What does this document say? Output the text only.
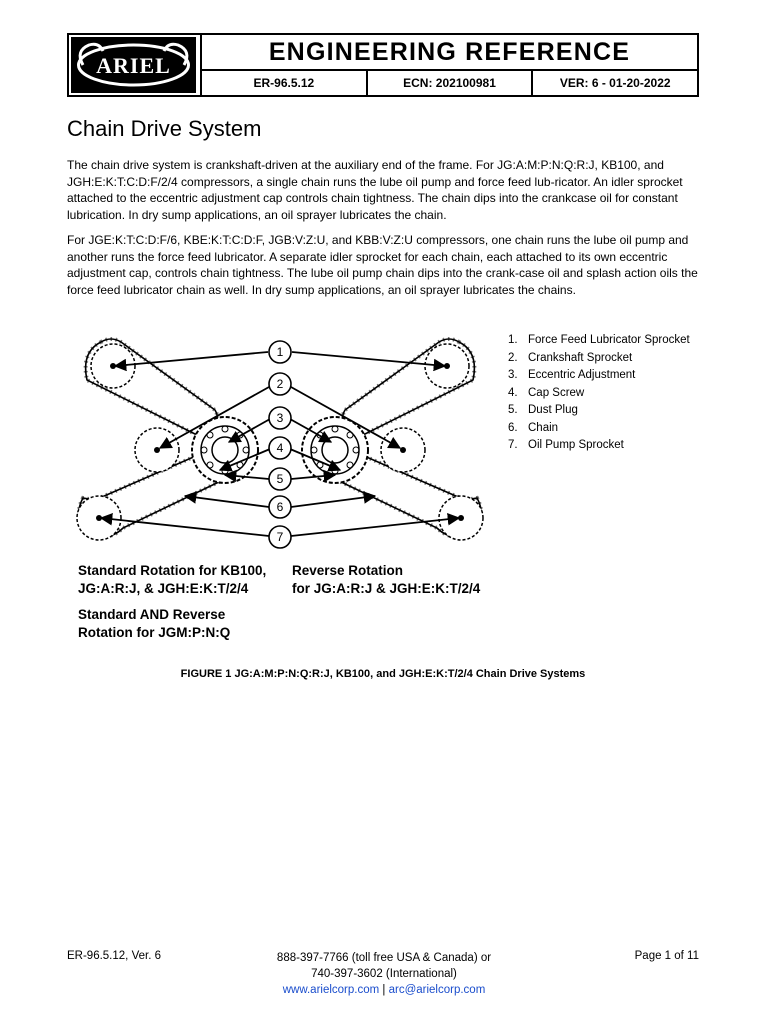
ARIEL	ENGINEERING REFERENCE
ER-96.5.12	ECN: 202100981	VER: 6 - 01-20-2022
Chain Drive System
The chain drive system is crankshaft-driven at the auxiliary end of the frame. For JG:A:M:P:N:Q:R:J, KB100, and JGH:E:K:T:C:D:F/2/4 compressors, a single chain runs the lube oil pump and force feed lub-ricator. An idler sprocket attached to the eccentric adjustment cap controls chain tightness. The chain dips into the crankcase oil for constant lubrication. In dry sump applications, an oil sprayer lubricates the chain.
For JGE:K:T:C:D:F/6, KBE:K:T:C:D:F, JGB:V:Z:U, and KBB:V:Z:U compressors, one chain runs the lube oil pump and another runs the force feed lubricator. A separate idler sprocket for each chain, each attached to its own eccentric adjustment cap, controls chain tightness. The lube oil pump chain dips into the crank-case oil and splash action oils the force feed lubricator chain as well. In dry sump applications, an oil sprayer lubricates the chains.
1
2
3
4
5
6
7
1. Force Feed Lubricator Sprocket
2. Crankshaft Sprocket
3. Eccentric Adjustment
4. Cap Screw
5. Dust Plug
6. Chain
7. Oil Pump Sprocket
Standard Rotation for KB100,
JG:A:R:J, & JGH:E:K:T/2/4
Reverse Rotation
for JG:A:R:J & JGH:E:K:T/2/4
Standard AND Reverse
Rotation for JGM:P:N:Q
FIGURE 1 JG:A:M:P:N:Q:R:J, KB100, and JGH:E:K:T/2/4 Chain Drive Systems
ER-96.5.12, Ver. 6	888-397-7766 (toll free USA & Canada) or
740-397-3602 (International)
www.arielcorp.com | arc@arielcorp.com
Page 1 of 11
